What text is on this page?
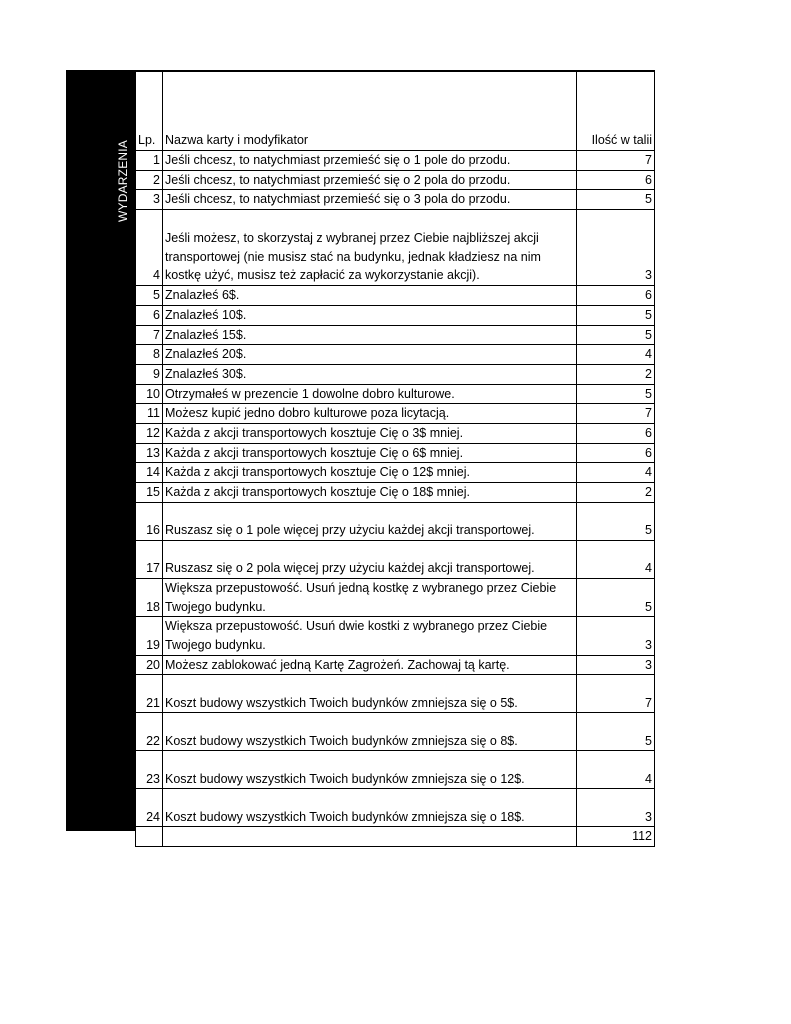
WYDARZENIA Lp.	Nazwa karty i modyfikator	Ilość w talii
1	Jeśli chcesz, to natychmiast przemieść się o 1 pole do przodu.	7
2	Jeśli chcesz, to natychmiast przemieść się o 2 pola do przodu.	6
3	Jeśli chcesz, to natychmiast przemieść się o 3 pola do przodu.	5
4	Jeśli możesz, to skorzystaj z wybranej przez Ciebie najbliższej akcji transportowej (nie musisz stać na budynku, jednak kładziesz na nim kostkę użyć, musisz też zapłacić za wykorzystanie akcji).	3
5	Znalazłeś 6$.	6
6	Znalazłeś 10$.	5
7	Znalazłeś 15$.	5
8	Znalazłeś 20$.	4
9	Znalazłeś 30$.	2
10	Otrzymałeś w prezencie 1 dowolne dobro kulturowe.	5
11	Możesz kupić jedno dobro kulturowe poza licytacją.	7
12	Każda z akcji transportowych kosztuje Cię o 3$ mniej.	6
13	Każda z akcji transportowych kosztuje Cię o 6$ mniej.	6
14	Każda z akcji transportowych kosztuje Cię o 12$ mniej.	4
15	Każda z akcji transportowych kosztuje Cię o 18$ mniej.	2
16	Ruszasz się o 1 pole więcej przy użyciu każdej akcji transportowej.	5
17	Ruszasz się o 2 pola więcej przy użyciu każdej akcji transportowej.	4
18	Większa przepustowość. Usuń jedną kostkę z wybranego przez Ciebie Twojego budynku.	5
19	Większa przepustowość. Usuń dwie kostki z wybranego przez Ciebie Twojego budynku.	3
20	Możesz zablokować jedną Kartę Zagrożeń. Zachowaj tą kartę.	3
21	Koszt budowy wszystkich Twoich budynków zmniejsza się o 5$.	7
22	Koszt budowy wszystkich Twoich budynków zmniejsza się o 8$.	5
23	Koszt budowy wszystkich Twoich budynków zmniejsza się o 12$.	4
24	Koszt budowy wszystkich Twoich budynków zmniejsza się o 18$.	3
		112
